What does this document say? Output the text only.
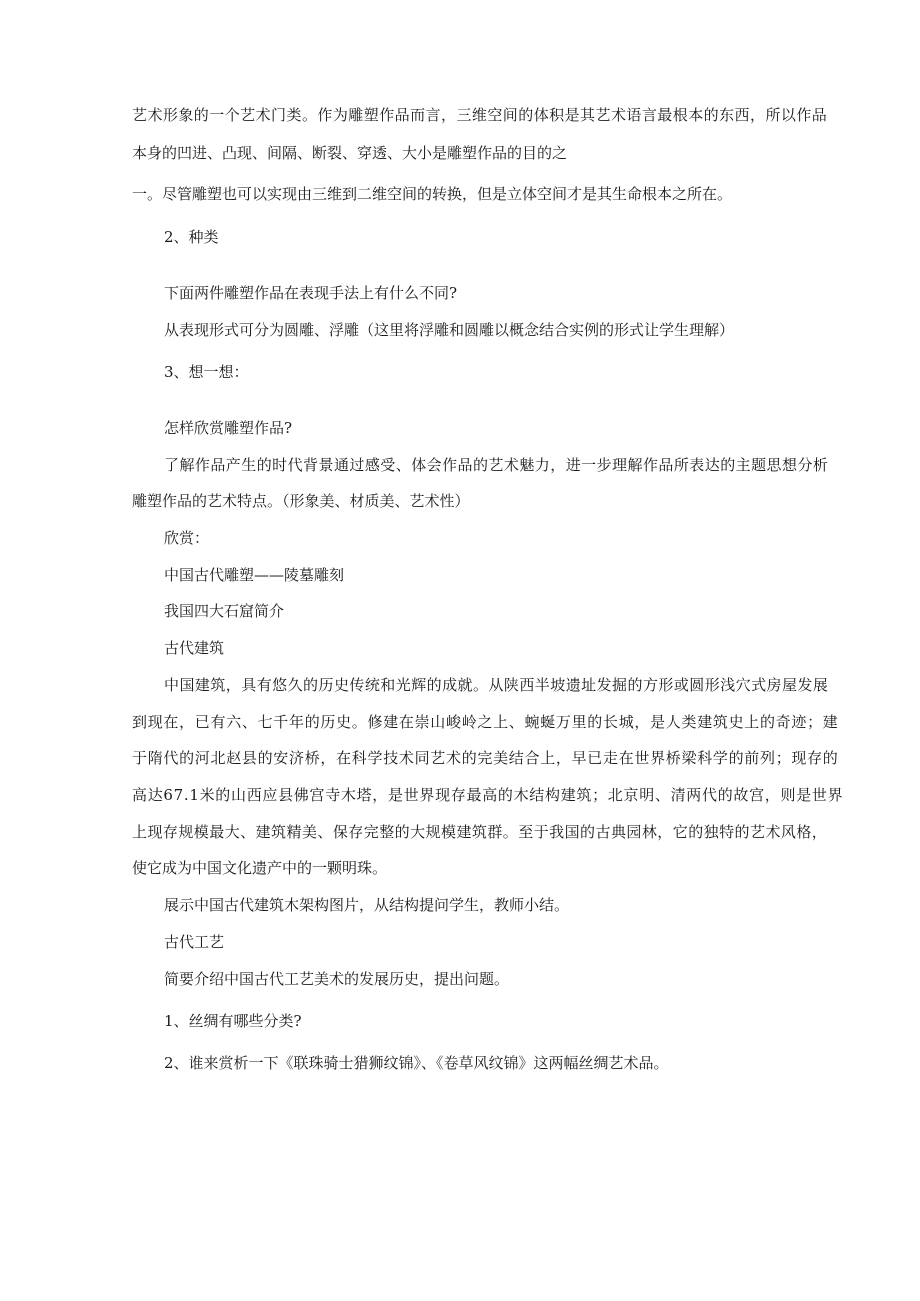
艺术形象的一个艺术门类。作为雕塑作品而言，三维空间的体积是其艺术语言最根本的东西，所以作品

本身的凹进、凸现、间隔、断裂、穿透、大小是雕塑作品的目的之

一。尽管雕塑也可以实现由三维到二维空间的转换，但是立体空间才是其生命根本之所在。

2、种类

下面两件雕塑作品在表现手法上有什么不同?

从表现形式可分为圆雕、浮雕（这里将浮雕和圆雕以概念结合实例的形式让学生理解）

3、想一想：

怎样欣赏雕塑作品?

了解作品产生的时代背景通过感受、体会作品的艺术魅力，进一步理解作品所表达的主题思想分析

雕塑作品的艺术特点。（形象美、材质美、艺术性）

欣赏：

中国古代雕塑——陵墓雕刻

我国四大石窟简介

古代建筑

中国建筑，具有悠久的历史传统和光辉的成就。从陕西半坡遗址发掘的方形或圆形浅穴式房屋发展

到现在，已有六、七千年的历史。修建在崇山峻岭之上、蜿蜒万里的长城，是人类建筑史上的奇迹；建

于隋代的河北赵县的安济桥，在科学技术同艺术的完美结合上，早已走在世界桥梁科学的前列；现存的

高达67.1米的山西应县佛宫寺木塔，是世界现存最高的木结构建筑；北京明、清两代的故宫，则是世界

上现存规模最大、建筑精美、保存完整的大规模建筑群。至于我国的古典园林，它的独特的艺术风格，

使它成为中国文化遗产中的一颗明珠。

展示中国古代建筑木架构图片，从结构提问学生，教师小结。

古代工艺

简要介绍中国古代工艺美术的发展历史，提出问题。

1、丝绸有哪些分类?

2、谁来赏析一下《联珠骑士猎狮纹锦》、《卷草风纹锦》这两幅丝绸艺术品。
